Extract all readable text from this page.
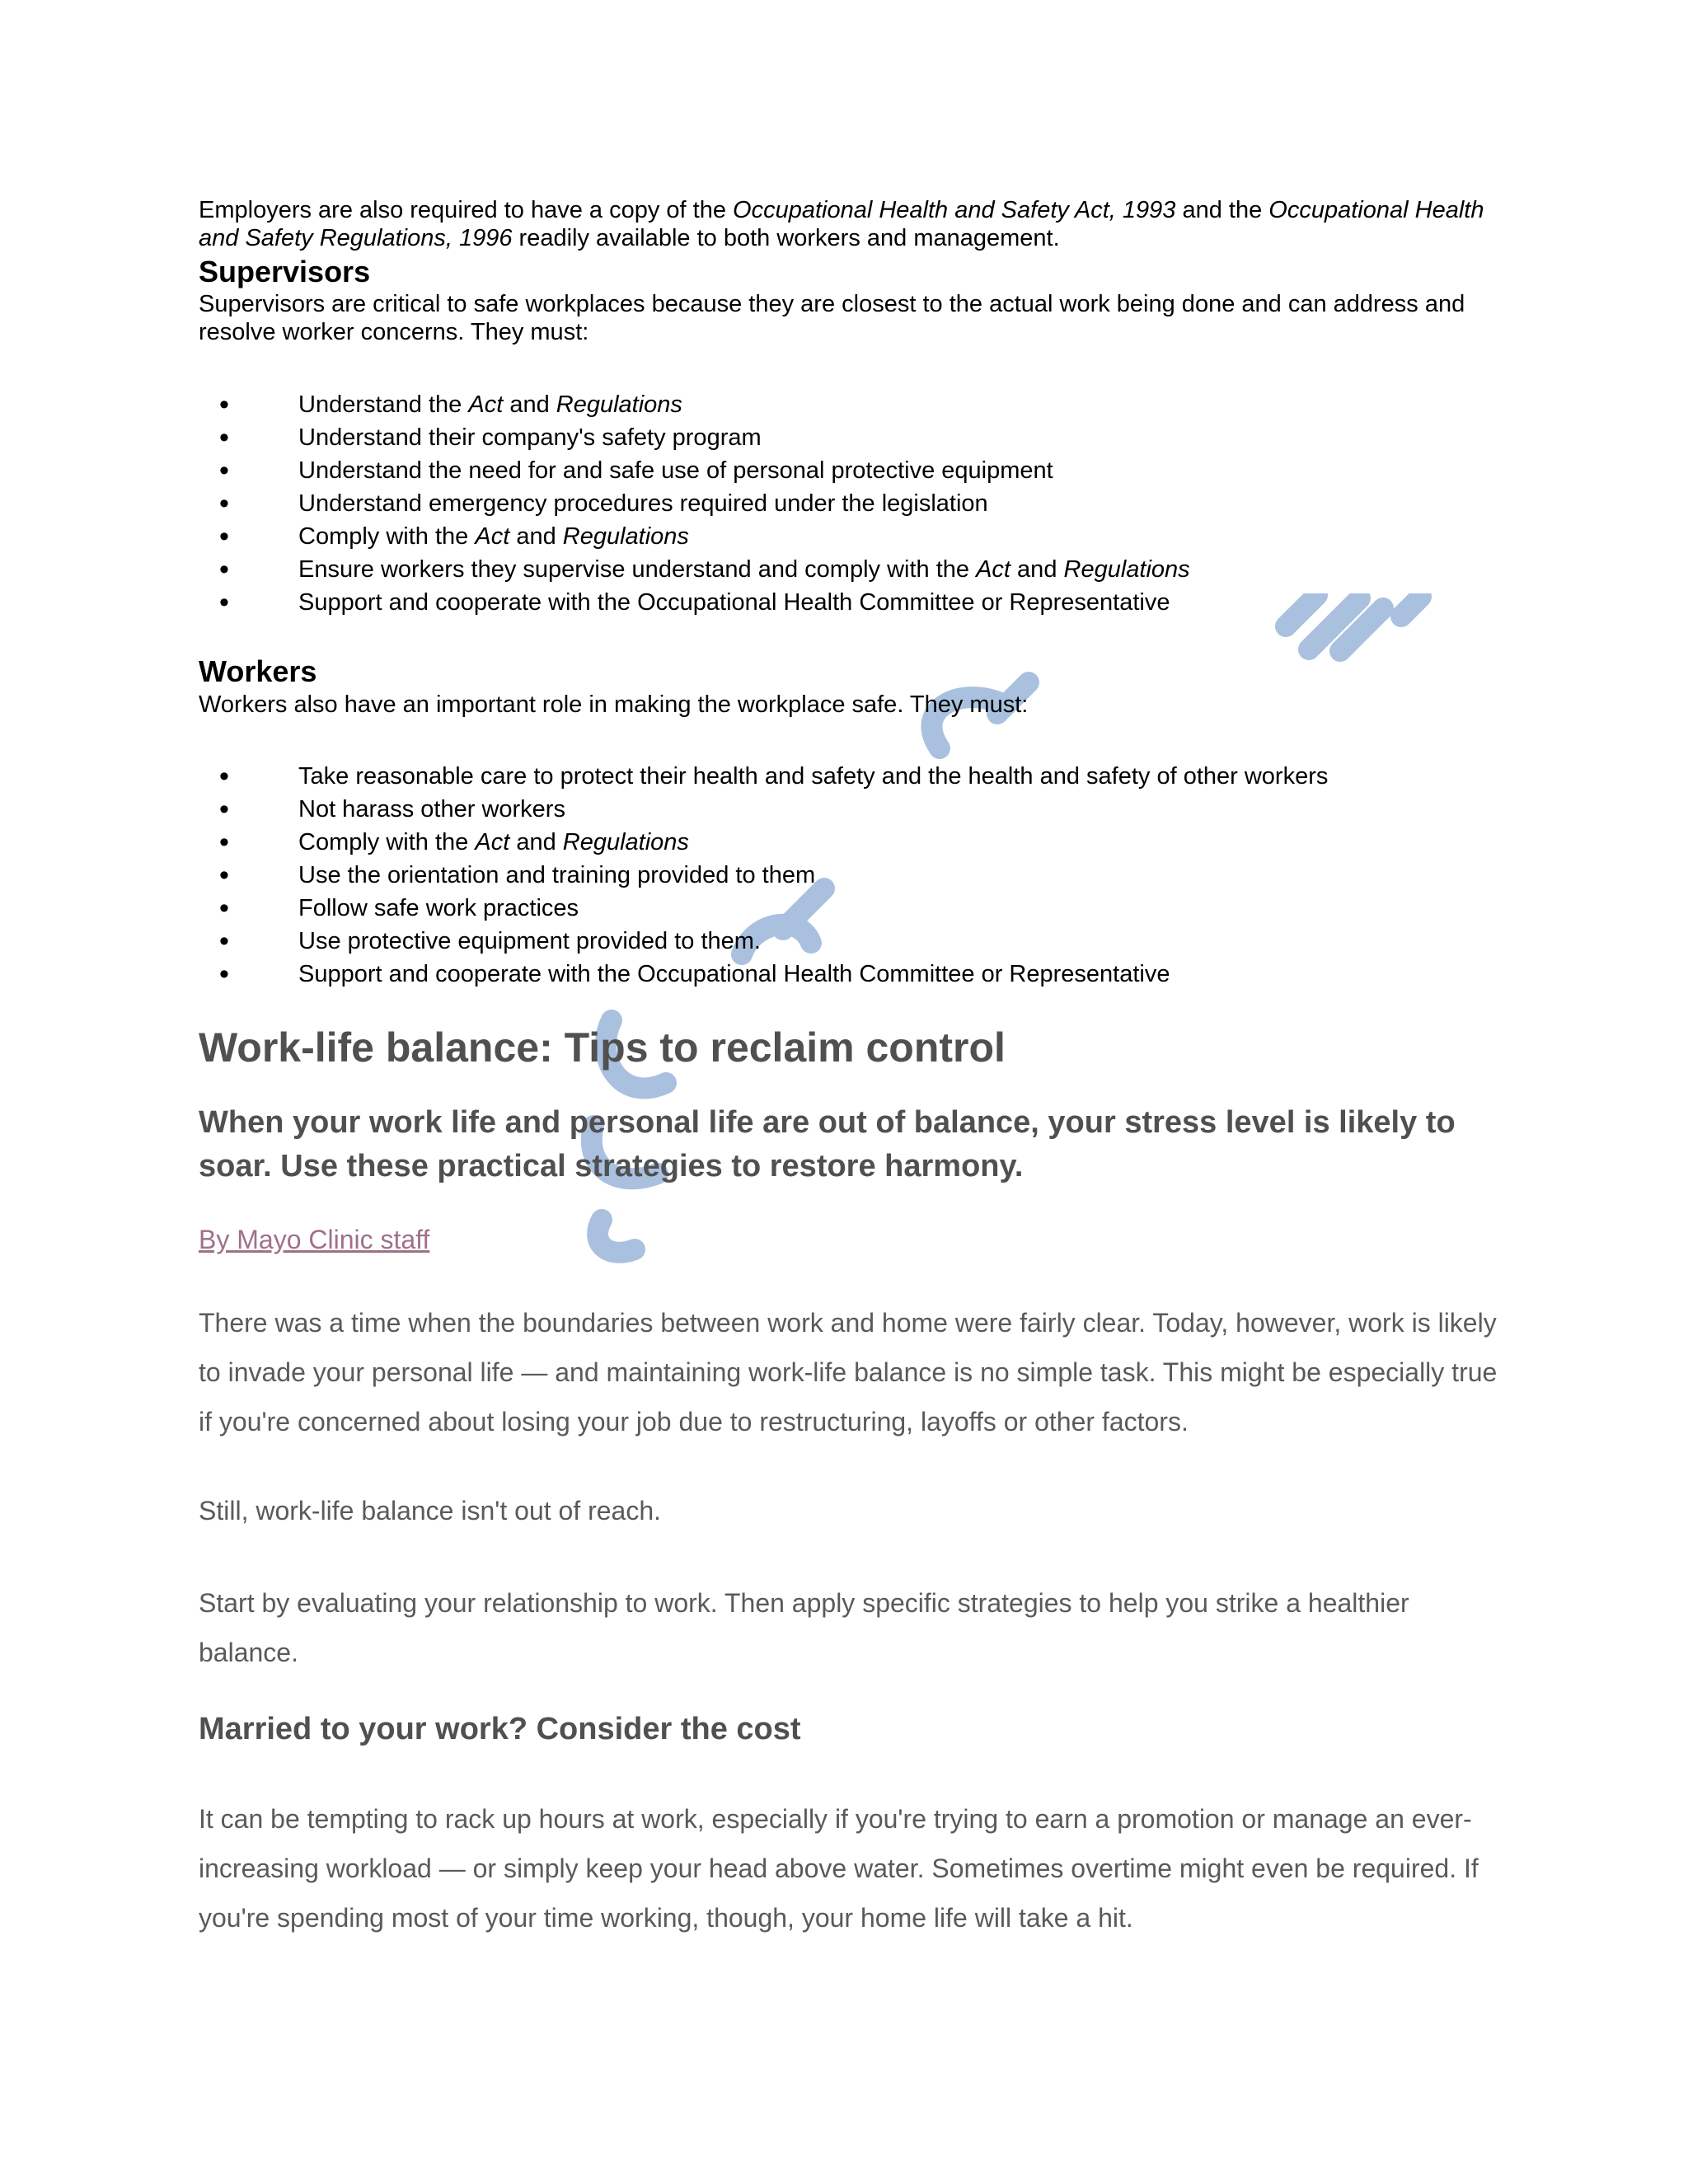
Employers are also required to have a copy of the Occupational Health and Safety Act, 1993 and the Occupational Health and Safety Regulations, 1996 readily available to both workers and management.

Supervisors

Supervisors are critical to safe workplaces because they are closest to the actual work being done and can address and resolve worker concerns. They must:

• Understand the Act and Regulations
• Understand their company's safety program
• Understand the need for and safe use of personal protective equipment
• Understand emergency procedures required under the legislation
• Comply with the Act and Regulations
• Ensure workers they supervise understand and comply with the Act and Regulations
• Support and cooperate with the Occupational Health Committee or Representative
Workers

Workers also have an important role in making the workplace safe. They must:

• Take reasonable care to protect their health and safety and the health and safety of other workers
• Not harass other workers
• Comply with the Act and Regulations
• Use the orientation and training provided to them
• Follow safe work practices
• Use protective equipment provided to them.
• Support and cooperate with the Occupational Health Committee or Representative
Work-life balance: Tips to reclaim control
When your work life and personal life are out of balance, your stress level is likely to soar. Use these practical strategies to restore harmony.
By Mayo Clinic staff

There was a time when the boundaries between work and home were fairly clear. Today, however, work is likely to invade your personal life — and maintaining work-life balance is no simple task. This might be especially true if you're concerned about losing your job due to restructuring, layoffs or other factors.

Still, work-life balance isn't out of reach.

Start by evaluating your relationship to work. Then apply specific strategies to help you strike a healthier balance.

Married to your work? Consider the cost

It can be tempting to rack up hours at work, especially if you're trying to earn a promotion or manage an ever-increasing workload — or simply keep your head above water. Sometimes overtime might even be required. If you're spending most of your time working, though, your home life will take a hit.
